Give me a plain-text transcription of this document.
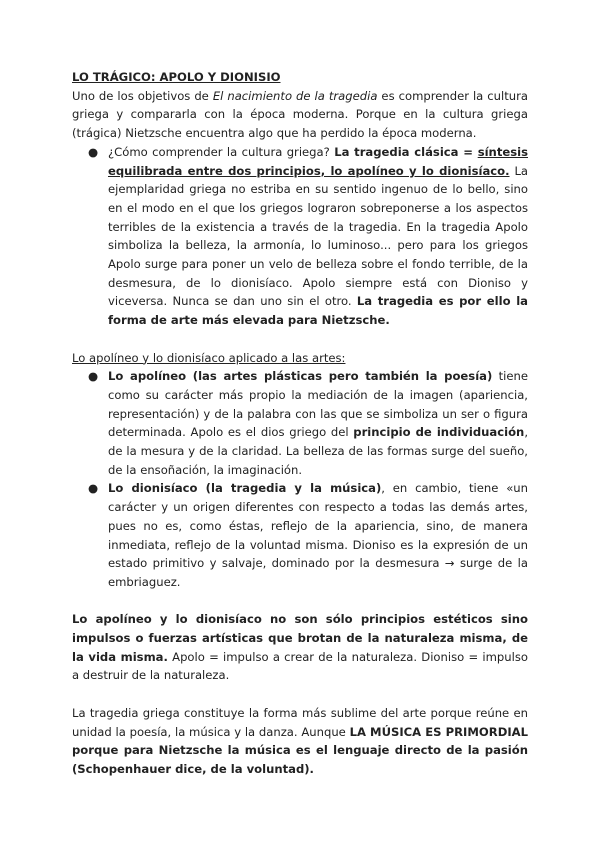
LO TRÁGICO: APOLO Y DIONISIO

Uno de los objetivos de El nacimiento de la tragedia es comprender la cultura griega y compararla con la época moderna. Porque en la cultura griega (trágica) Nietzsche encuentra algo que ha perdido la época moderna.

● ¿Cómo comprender la cultura griega? La tragedia clásica = síntesis equilibrada entre dos principios, lo apolíneo y lo dionisíaco. La ejemplaridad griega no estriba en su sentido ingenuo de lo bello, sino en el modo en el que los griegos lograron sobreponerse a los aspectos terribles de la existencia a través de la tragedia. En la tragedia Apolo simboliza la belleza, la armonía, lo luminoso... pero para los griegos Apolo surge para poner un velo de belleza sobre el fondo terrible, de la desmesura, de lo dionisíaco. Apolo siempre está con Dioniso y viceversa. Nunca se dan uno sin el otro. La tragedia es por ello la forma de arte más elevada para Nietzsche.

Lo apolíneo y lo dionisíaco aplicado a las artes:

● Lo apolíneo (las artes plásticas pero también la poesía) tiene como su carácter más propio la mediación de la imagen (apariencia, representación) y de la palabra con las que se simboliza un ser o figura determinada. Apolo es el dios griego del principio de individuación, de la mesura y de la claridad. La belleza de las formas surge del sueño, de la ensoñación, la imaginación.
● Lo dionisíaco (la tragedia y la música), en cambio, tiene «un carácter y un origen diferentes con respecto a todas las demás artes, pues no es, como éstas, reflejo de la apariencia, sino, de manera inmediata, reflejo de la voluntad misma. Dioniso es la expresión de un estado primitivo y salvaje, dominado por la desmesura → surge de la embriaguez.

Lo apolíneo y lo dionisíaco no son sólo principios estéticos sino impulsos o fuerzas artísticas que brotan de la naturaleza misma, de la vida misma. Apolo = impulso a crear de la naturaleza. Dioniso = impulso a destruir de la naturaleza.

La tragedia griega constituye la forma más sublime del arte porque reúne en unidad la poesía, la música y la danza. Aunque LA MÚSICA ES PRIMORDIAL porque para Nietzsche la música es el lenguaje directo de la pasión (Schopenhauer dice, de la voluntad).
